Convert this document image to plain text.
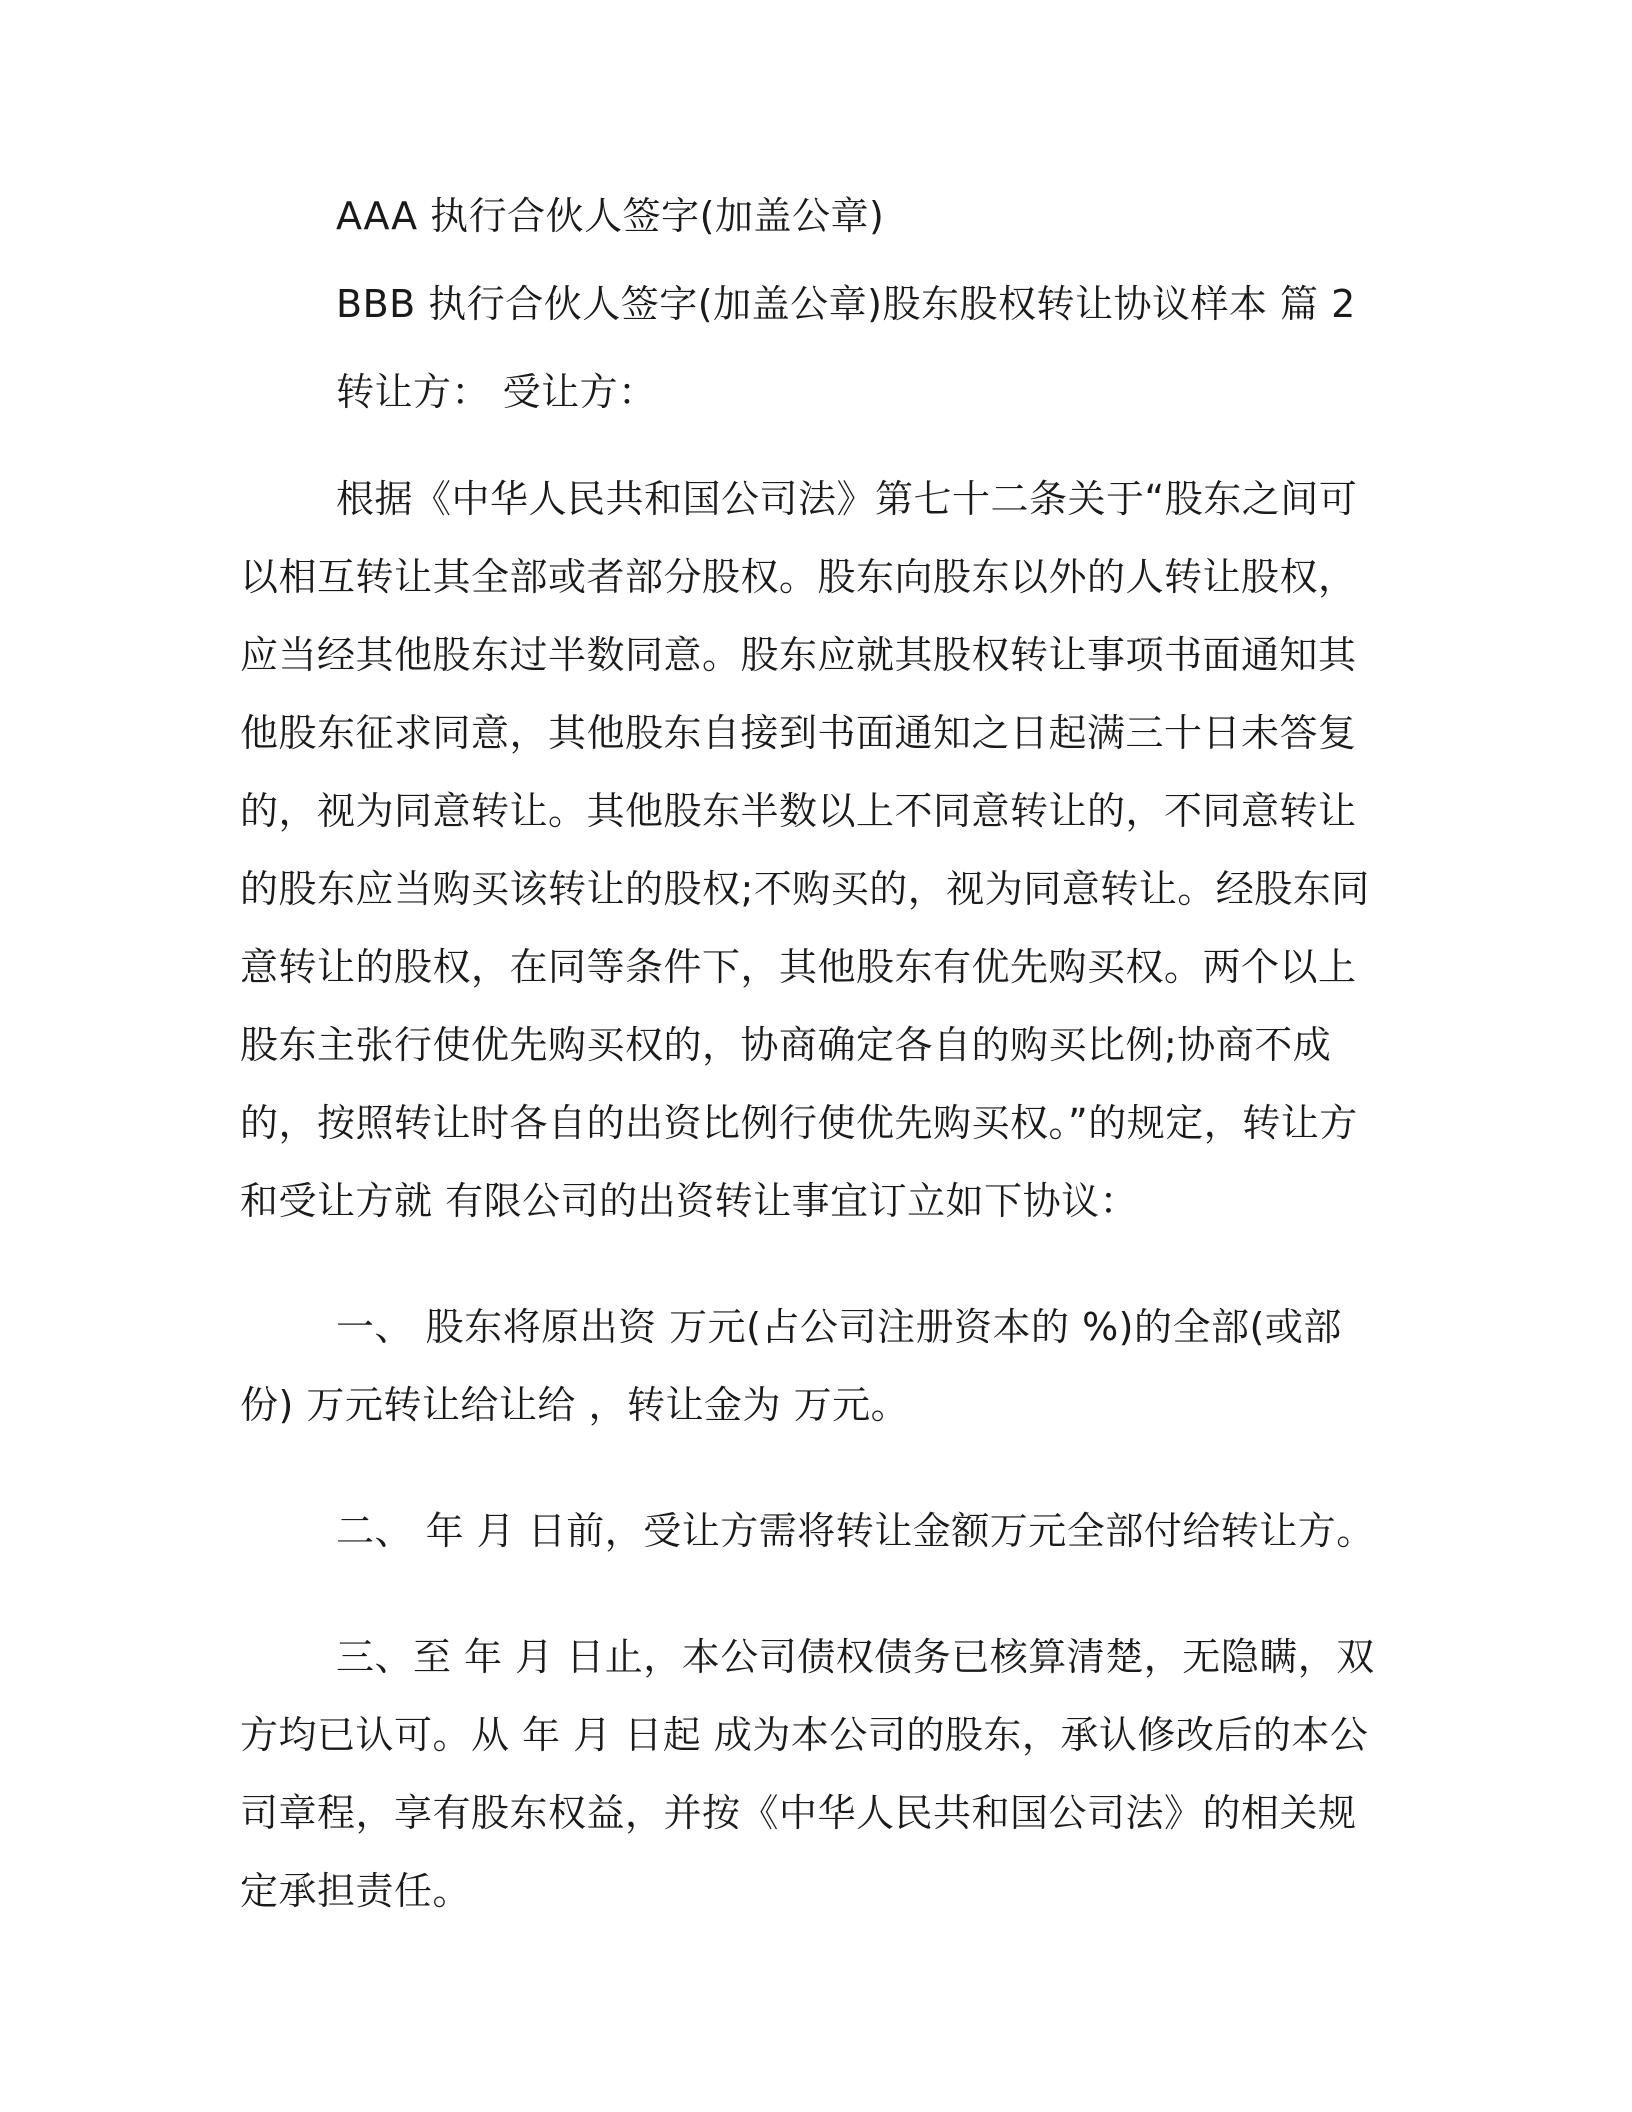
AAA 执行合伙人签字(加盖公章)

BBB 执行合伙人签字(加盖公章)股东股权转让协议样本 篇 2

转让方： 受让方：

根据《中华人民共和国公司法》第七十二条关于“股东之间可以相互转让其全部或者部分股权。股东向股东以外的人转让股权，应当经其他股东过半数同意。股东应就其股权转让事项书面通知其他股东征求同意，其他股东自接到书面通知之日起满三十日未答复的，视为同意转让。其他股东半数以上不同意转让的，不同意转让的股东应当购买该转让的股权;不购买的，视为同意转让。经股东同意转让的股权，在同等条件下，其他股东有优先购买权。两个以上股东主张行使优先购买权的，协商确定各自的购买比例;协商不成的，按照转让时各自的出资比例行使优先购买权。”的规定，转让方和受让方就 有限公司的出资转让事宜订立如下协议：

一、 股东将原出资 万元(占公司注册资本的 %)的全部(或部份) 万元转让给让给 ，转让金为 万元。

二、 年 月 日前，受让方需将转让金额万元全部付给转让方。

三、至 年 月 日止，本公司债权债务已核算清楚，无隐瞒，双方均已认可。从 年 月 日起 成为本公司的股东，承认修改后的本公司章程，享有股东权益，并按《中华人民共和国公司法》的相关规定承担责任。
